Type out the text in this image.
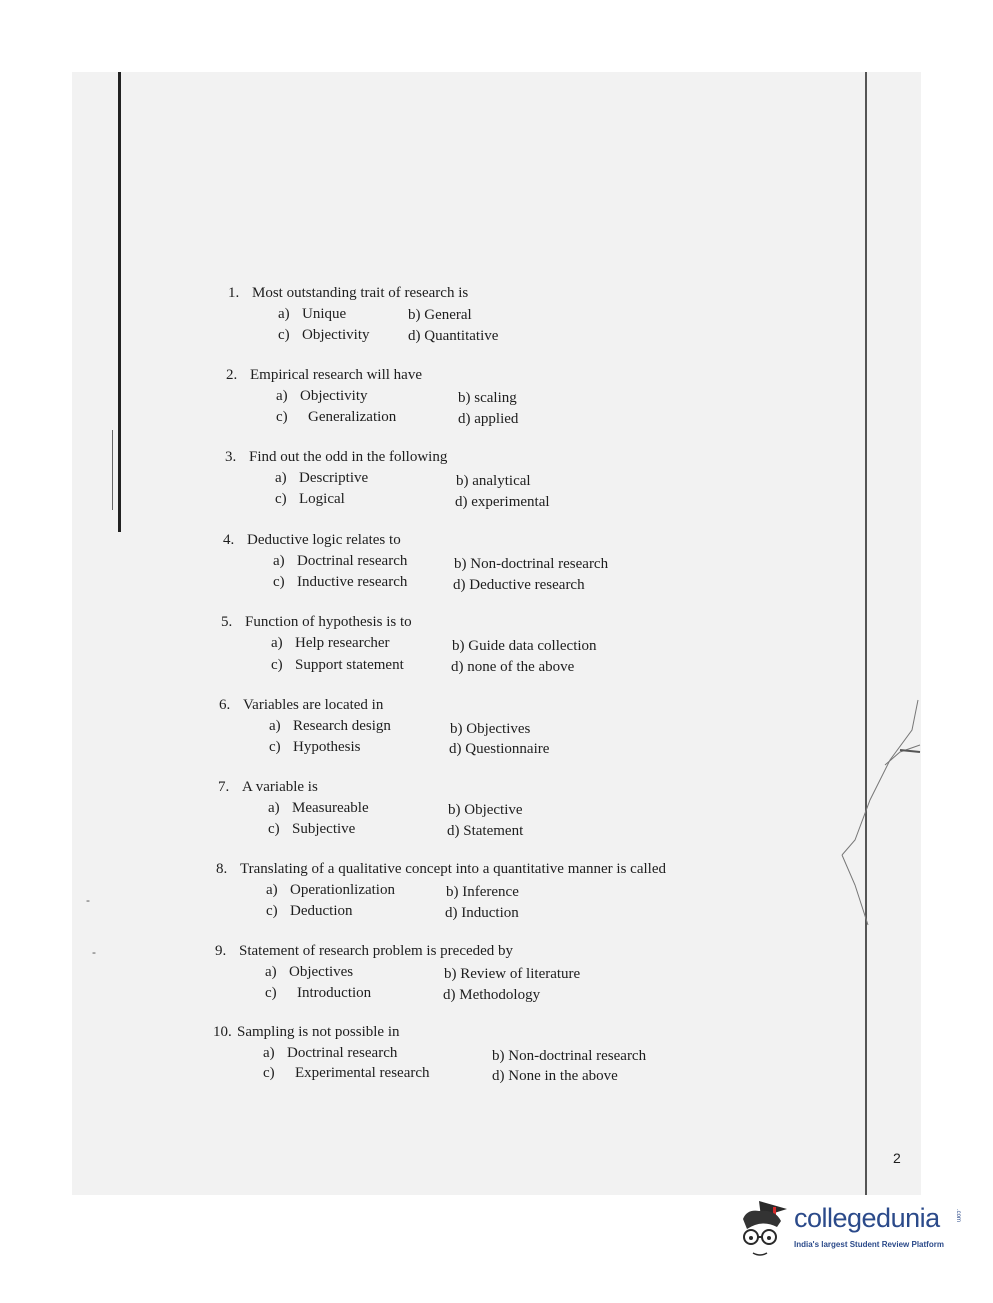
-
-
1. Most outstanding trait of research is
a) Unique	b) General
c) Objectivity	d) Quantitative
2. Empirical research will have
a) Objectivity	b) scaling
c) Generalization	d) applied
3. Find out the odd in the following
a) Descriptive	b) analytical
c) Logical	d) experimental
4. Deductive logic relates to
a) Doctrinal research	b) Non-doctrinal research
c) Inductive research	d) Deductive research
5. Function of hypothesis is to
a) Help researcher	b) Guide data collection
c) Support statement	d) none of the above
6. Variables are located in
a) Research design	b) Objectives
c) Hypothesis	d) Questionnaire
7. A variable is
a) Measureable	b) Objective
c) Subjective	d) Statement
8. Translating of a qualitative concept into a quantitative manner is called
a) Operationlization	b) Inference
c) Deduction	d) Induction
9. Statement of research problem is preceded by
a) Objectives	b) Review of literature
c) Introduction	d) Methodology
10. Sampling is not possible in
a) Doctrinal research	b) Non-doctrinal research
c) Experimental research	d) None in the above
2
collegedunia	.com
India's largest Student Review Platform
